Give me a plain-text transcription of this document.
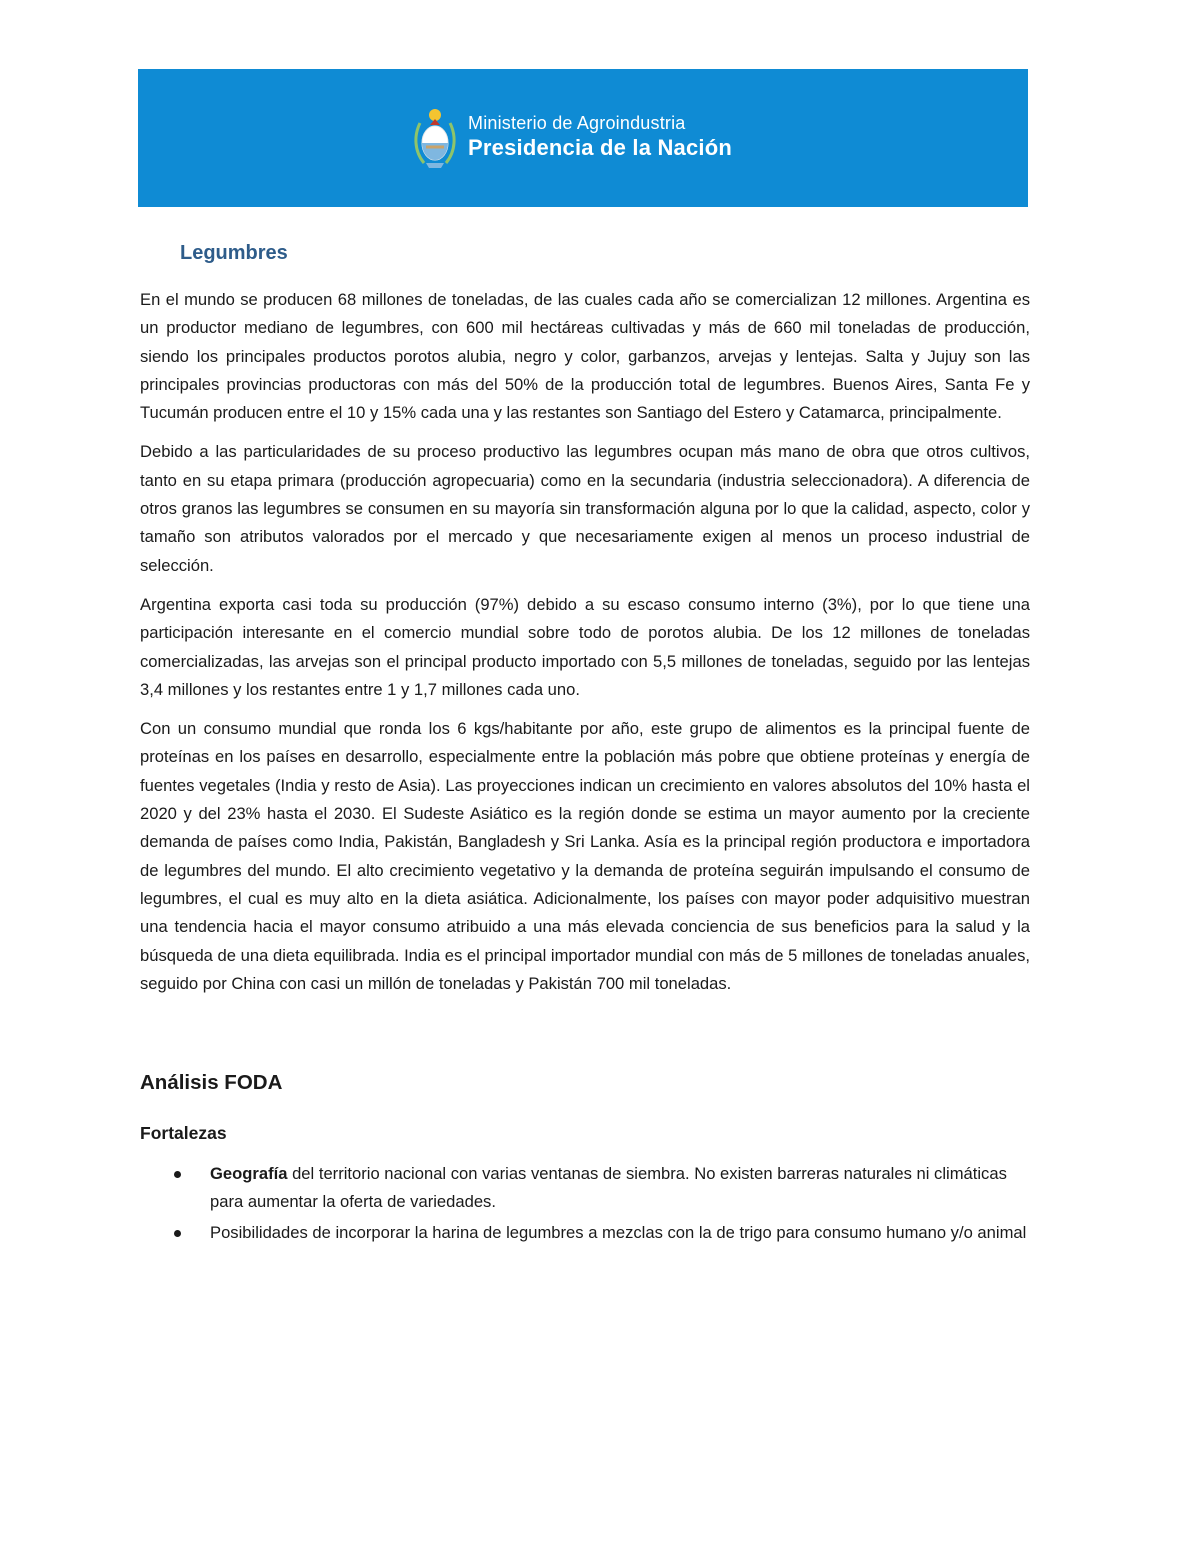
Ministerio de Agroindustria
Presidencia de la Nación
Legumbres

En el mundo se producen 68 millones de toneladas, de las cuales cada año se comercializan 12 millones. Argentina es un productor mediano de legumbres, con 600 mil hectáreas cultivadas y más de 660 mil toneladas de producción, siendo los principales productos porotos alubia, negro y color, garbanzos, arvejas y lentejas. Salta y Jujuy son las principales provincias productoras con más del 50% de la producción total de legumbres. Buenos Aires, Santa Fe y Tucumán producen entre el 10 y 15% cada una y las restantes son Santiago del Estero y Catamarca, principalmente.

Debido a las particularidades de su proceso productivo las legumbres ocupan más mano de obra que otros cultivos, tanto en su etapa primara (producción agropecuaria) como en la secundaria (industria seleccionadora). A diferencia de otros granos las legumbres se consumen en su mayoría sin transformación alguna por lo que la calidad, aspecto, color y tamaño son atributos valorados por el mercado y que necesariamente exigen al menos un proceso industrial de selección.

Argentina exporta casi toda su producción (97%) debido a su escaso consumo interno (3%), por lo que tiene una participación interesante en el comercio mundial sobre todo de porotos alubia. De los 12 millones de toneladas comercializadas, las arvejas son el principal producto importado con 5,5 millones de toneladas, seguido por las lentejas 3,4 millones y los restantes entre 1 y 1,7 millones cada uno.

Con un consumo mundial que ronda los 6 kgs/habitante por año, este grupo de alimentos es la principal fuente de proteínas en los países en desarrollo, especialmente entre la población más pobre que obtiene proteínas y energía de fuentes vegetales (India y resto de Asia). Las proyecciones indican un crecimiento en valores absolutos del 10% hasta el 2020 y del 23% hasta el 2030. El Sudeste Asiático es la región donde se estima un mayor aumento por la creciente demanda de países como India, Pakistán, Bangladesh y Sri Lanka. Asía es la principal región productora e importadora de legumbres del mundo. El alto crecimiento vegetativo y la demanda de proteína seguirán impulsando el consumo de legumbres, el cual es muy alto en la dieta asiática. Adicionalmente, los países con mayor poder adquisitivo muestran una tendencia hacia el mayor consumo atribuido a una más elevada conciencia de sus beneficios para la salud y la búsqueda de una dieta equilibrada. India es el principal importador mundial con más de 5 millones de toneladas anuales, seguido por China con casi un millón de toneladas y Pakistán 700 mil toneladas.

Análisis FODA
Fortalezas
Geografía del territorio nacional con varias ventanas de siembra. No existen barreras naturales ni climáticas para aumentar la oferta de variedades.
Posibilidades de incorporar la harina de legumbres a mezclas con la de trigo para consumo humano y/o animal
